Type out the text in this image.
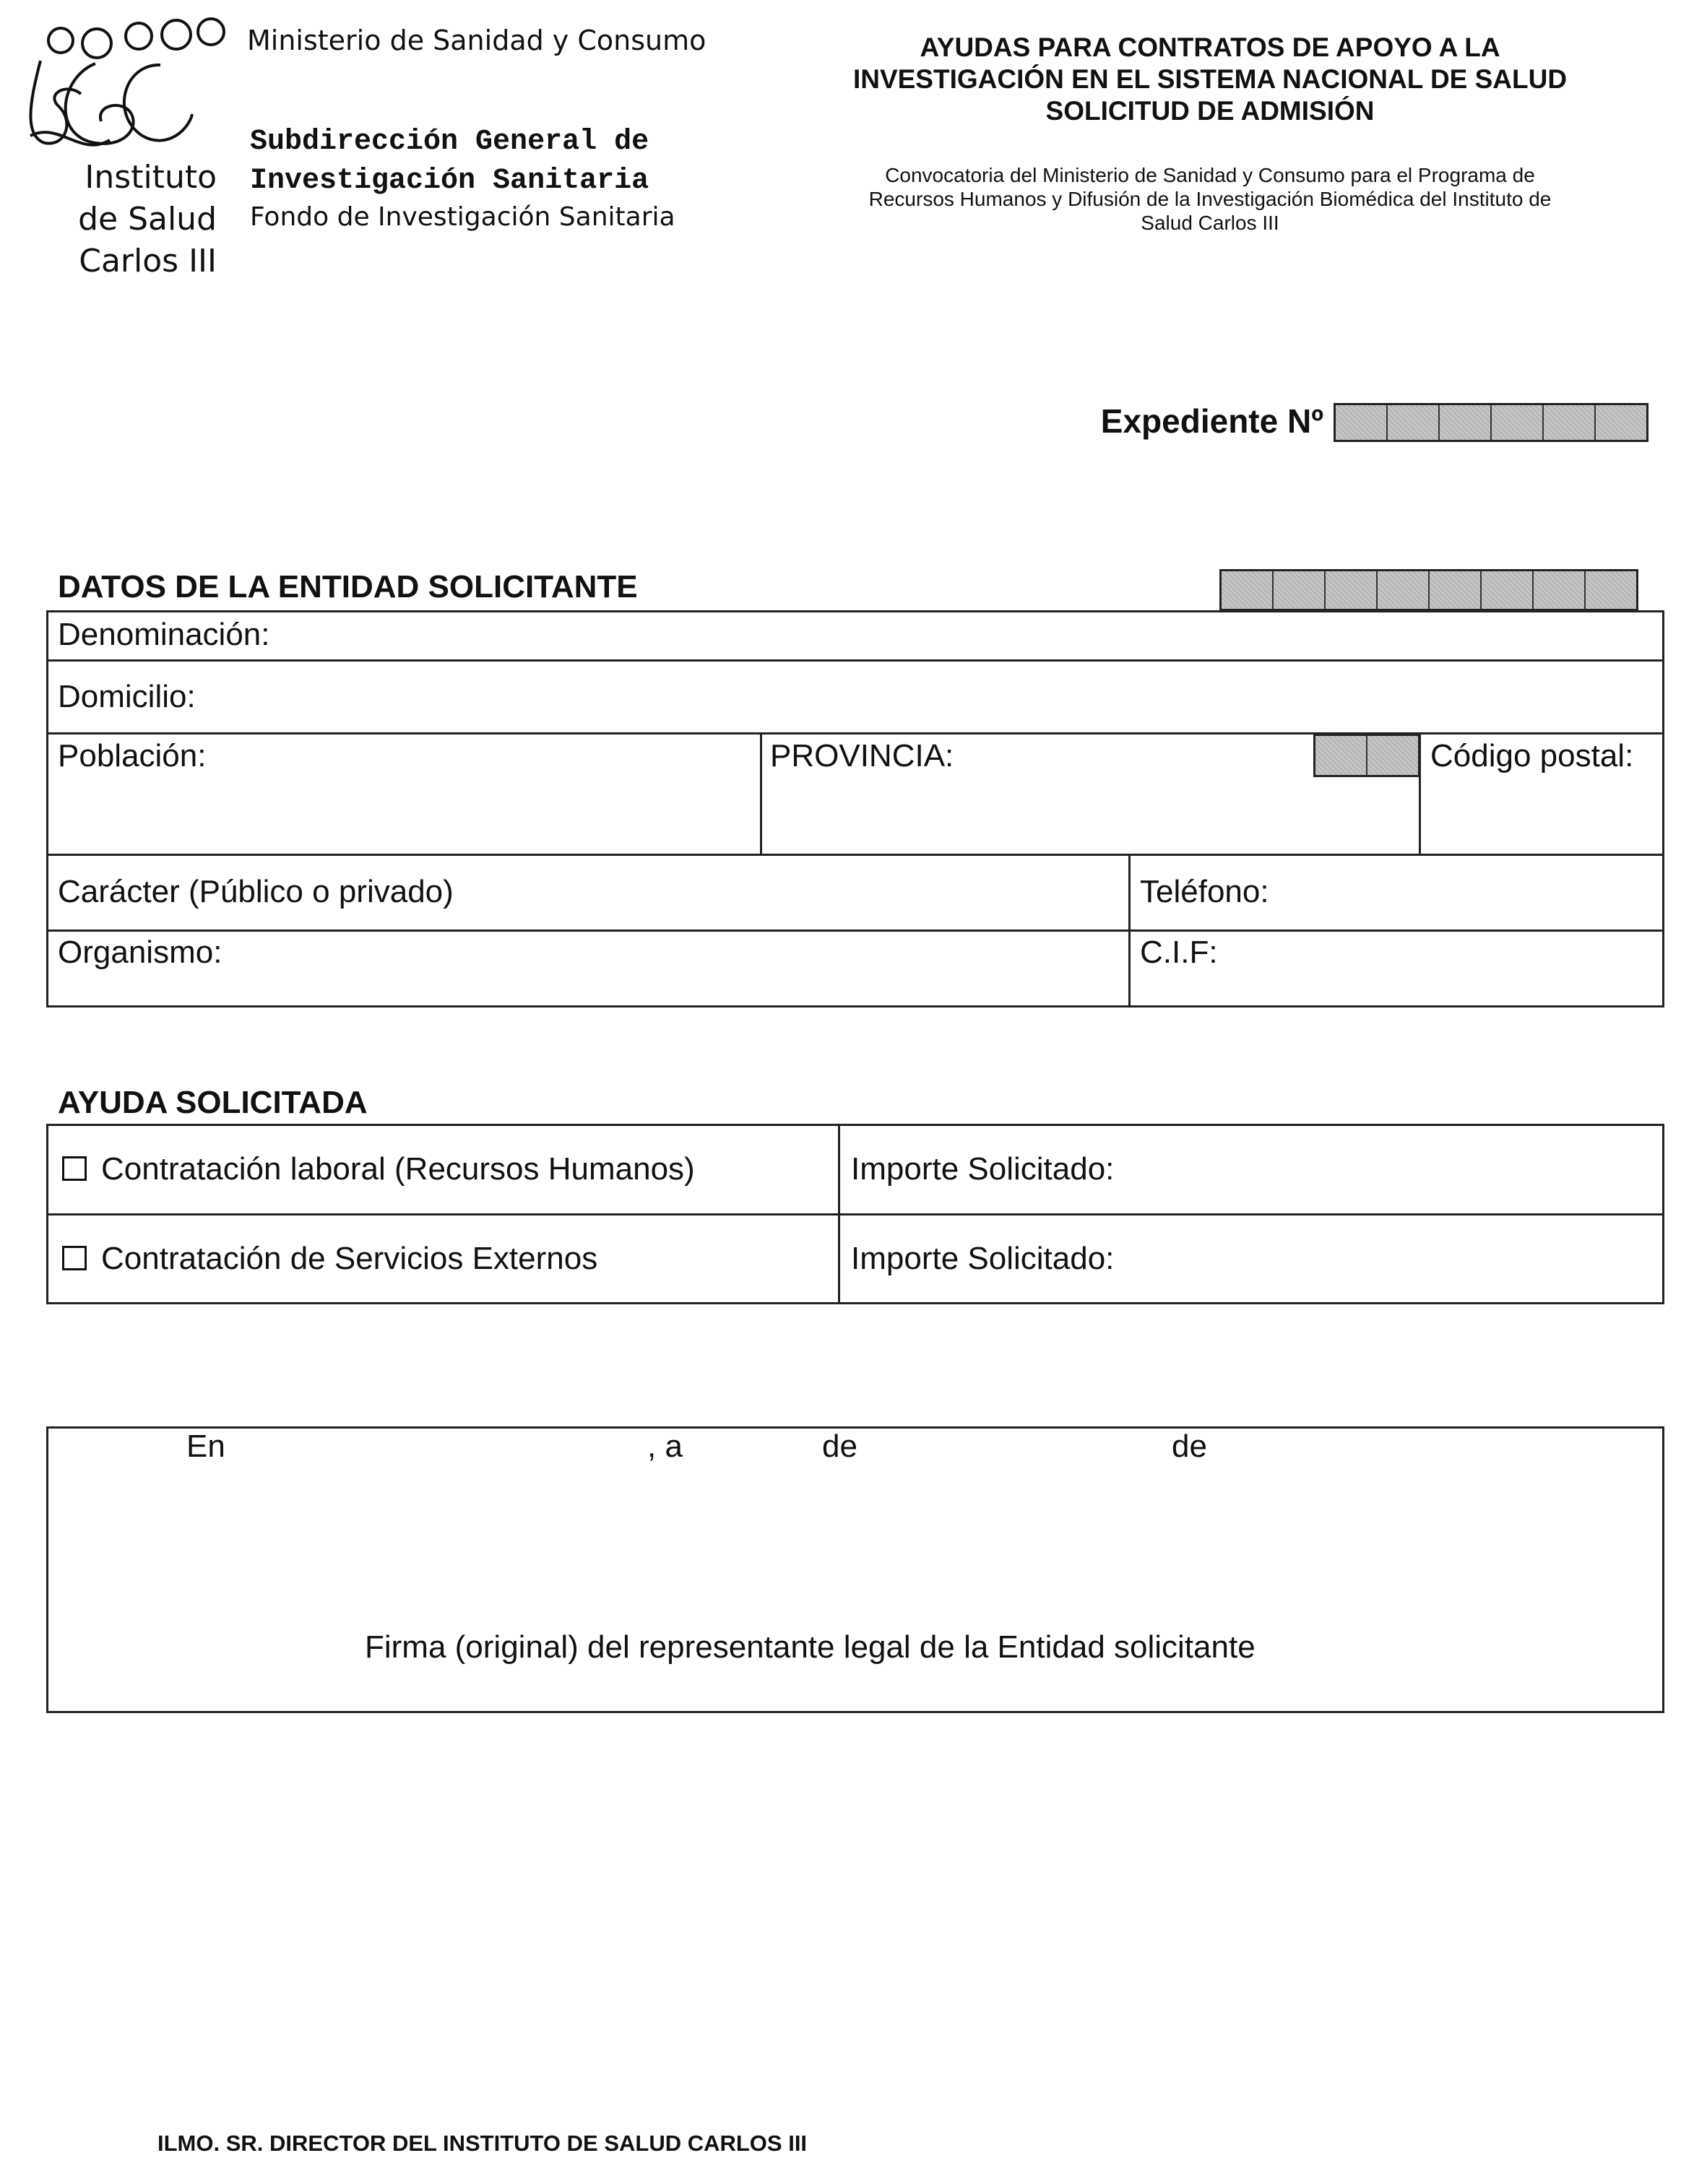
Instituto
de Salud
Carlos III
Ministerio de Sanidad y Consumo
Subdirección General de
Investigación Sanitaria
Fondo de Investigación Sanitaria
AYUDAS PARA CONTRATOS DE APOYO A LA
INVESTIGACIÓN EN EL SISTEMA NACIONAL DE SALUD
SOLICITUD DE ADMISIÓN
Convocatoria del Ministerio de Sanidad y Consumo para el Programa de
Recursos Humanos y Difusión de la Investigación Biomédica del Instituto de
Salud Carlos III
Expediente Nº
DATOS DE LA ENTIDAD SOLICITANTE
Denominación:
Domicilio:
Población:	PROVINCIA:	Código postal:
Carácter (Público o privado)	Teléfono:
Organismo:	C.I.F:
AYUDA SOLICITADA
Contratación laboral (Recursos Humanos)	Importe Solicitado:
Contratación de Servicios Externos	Importe Solicitado:
En	, a	de	de
Firma (original) del representante legal de la Entidad solicitante
ILMO. SR. DIRECTOR DEL INSTITUTO DE SALUD CARLOS III
